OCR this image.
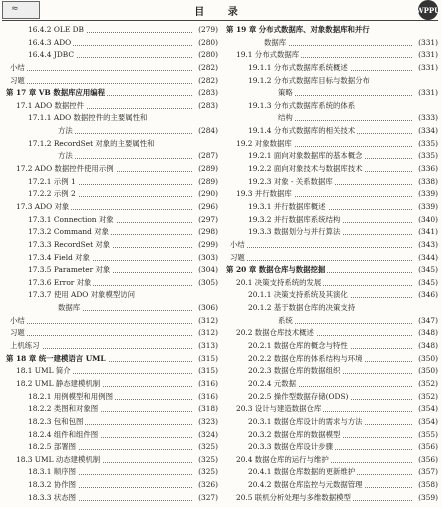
≈	目 录	WPPU
16.4.2 OLE DB	(279)
16.4.3 ADO	(280)
16.4.4 JDBC	(280)
小结	(282)
习题	(282)
第 17 章 VB 数据库应用编程	(283)
17.1 ADO 数据控件	(283)
17.1.1 ADO 数据控件的主要属性和
方法	(284)
17.1.2 RecordSet 对象的主要属性和
方法	(287)
17.2 ADO 数据控件使用示例	(289)
17.2.1 示例 1	(289)
17.2.2 示例 2	(290)
17.3 ADO 对象	(296)
17.3.1 Connection 对象	(297)
17.3.2 Command 对象	(298)
17.3.3 RecordSet 对象	(299)
17.3.4 Field 对象	(303)
17.3.5 Parameter 对象	(304)
17.3.6 Error 对象	(305)
17.3.7 使用 ADO 对象模型访问
数据库	(306)
小结	(312)
习题	(312)
上机练习	(313)
第 18 章 统一建模语言 UML	(315)
18.1 UML 简介	(315)
18.2 UML 静态建模机制	(316)
18.2.1 用例模型和用例图	(316)
18.2.2 类图和对象图	(318)
18.2.3 包和包图	(323)
18.2.4 组件和组件图	(324)
18.2.5 部署图	(325)
18.3 UML 动态建模机制	(325)
18.3.1 顺序图	(325)
18.3.2 协作图	(326)
18.3.3 状态图	(327)
第 19 章 分布式数据库、对象数据库和并行
数据库	(331)
19.1 分布式数据库	(331)
19.1.1 分布式数据库系统概述	(331)
19.1.2 分布式数据库目标与数据分布
策略	(331)
19.1.3 分布式数据库系统的体系
结构	(333)
19.1.4 分布式数据库的相关技术	(334)
19.2 对象数据库	(335)
19.2.1 面向对象数据库的基本概念	(335)
19.2.2 面向对象技术与数据库技术	(336)
19.2.3 对象 - 关系数据库	(338)
19.3 并行数据库	(339)
19.3.1 并行数据库概述	(339)
19.3.2 并行数据库系统结构	(340)
19.3.3 数据划分与并行算法	(341)
小结	(343)
习题	(344)
第 20 章 数据仓库与数据挖掘	(345)
20.1 决策支持系统的发展	(345)
20.1.1 决策支持系统及其演化	(346)
20.1.2 基于数据仓库的决策支持
系统	(347)
20.2 数据仓库技术概述	(348)
20.2.1 数据仓库的概念与特性	(348)
20.2.2 数据仓库的体系结构与环境	(350)
20.2.3 数据仓库的数据组织	(350)
20.2.4 元数据	(352)
20.2.5 操作型数据存储(ODS)	(352)
20.3 设计与建造数据仓库	(354)
20.3.1 数据仓库设计的需求与方法	(354)
20.3.2 数据仓库的数据模型	(355)
20.3.3 数据仓库设计步骤	(356)
20.4 数据仓库的运行与维护	(356)
20.4.1 数据仓库数据的更新维护	(357)
20.4.2 数据仓库监控与元数据管理	(358)
20.5 联机分析处理与多维数据模型	(359)
